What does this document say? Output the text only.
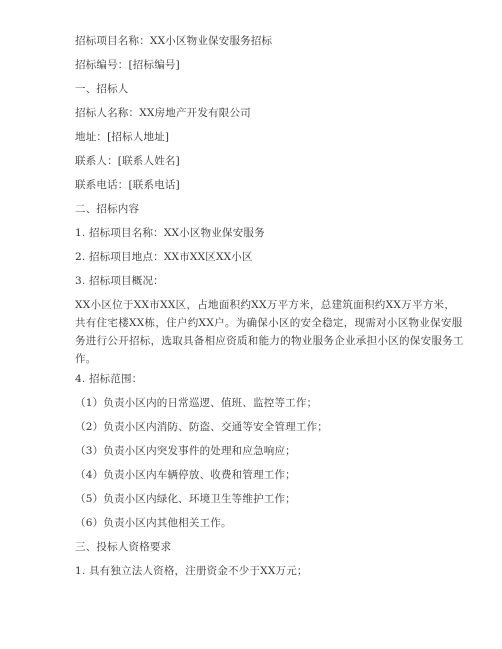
招标项目名称：XX小区物业保安服务招标
招标编号：[招标编号]
一、招标人
招标人名称：XX房地产开发有限公司
地址：[招标人地址]
联系人：[联系人姓名]
联系电话：[联系电话]
二、招标内容
1. 招标项目名称：XX小区物业保安服务
2. 招标项目地点：XX市XX区XX小区
3. 招标项目概况：
XX小区位于XX市XX区，占地面积约XX万平方米，总建筑面积约XX万平方米，
共有住宅楼XX栋，住户约XX户。为确保小区的安全稳定，现需对小区物业保安服
务进行公开招标，选取具备相应资质和能力的物业服务企业承担小区的保安服务工
作。
4. 招标范围：
（1）负责小区内的日常巡逻、值班、监控等工作；
（2）负责小区内消防、防盗、交通等安全管理工作；
（3）负责小区内突发事件的处理和应急响应；
（4）负责小区内车辆停放、收费和管理工作；
（5）负责小区内绿化、环境卫生等维护工作；
（6）负责小区内其他相关工作。
三、投标人资格要求
1. 具有独立法人资格，注册资金不少于XX万元；
